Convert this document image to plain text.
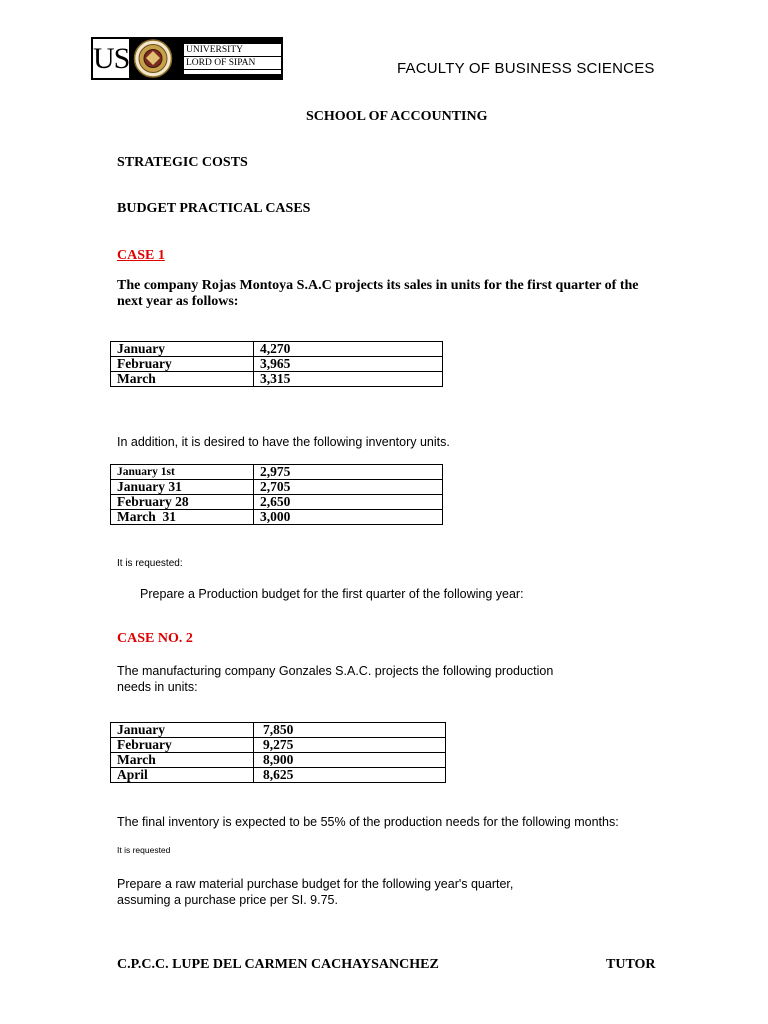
US	UNIVERSITY
LORD OF SIPAN	FACULTY OF BUSINESS SCIENCES
SCHOOL OF ACCOUNTING
STRATEGIC COSTS
BUDGET PRACTICAL CASES
CASE 1
The company Rojas Montoya S.A.C projects its sales in units for the first quarter of the next year as follows:
January	4,270
February	3,965
March	3,315
In addition, it is desired to have the following inventory units.
January 1st	2,975
January 31	2,705
February 28	2,650
March  31	3,000
It is requested:
Prepare a Production budget for the first quarter of the following year:
CASE NO. 2
The manufacturing company Gonzales S.A.C. projects the following production needs in units:
January	7,850
February	9,275
March	8,900
April	8,625
The final inventory is expected to be 55% of the production needs for the following months:
It is requested
Prepare a raw material purchase budget for the following year's quarter, assuming a purchase price per SI. 9.75.
C.P.C.C. LUPE DEL CARMEN CACHAYSANCHEZ	TUTOR
